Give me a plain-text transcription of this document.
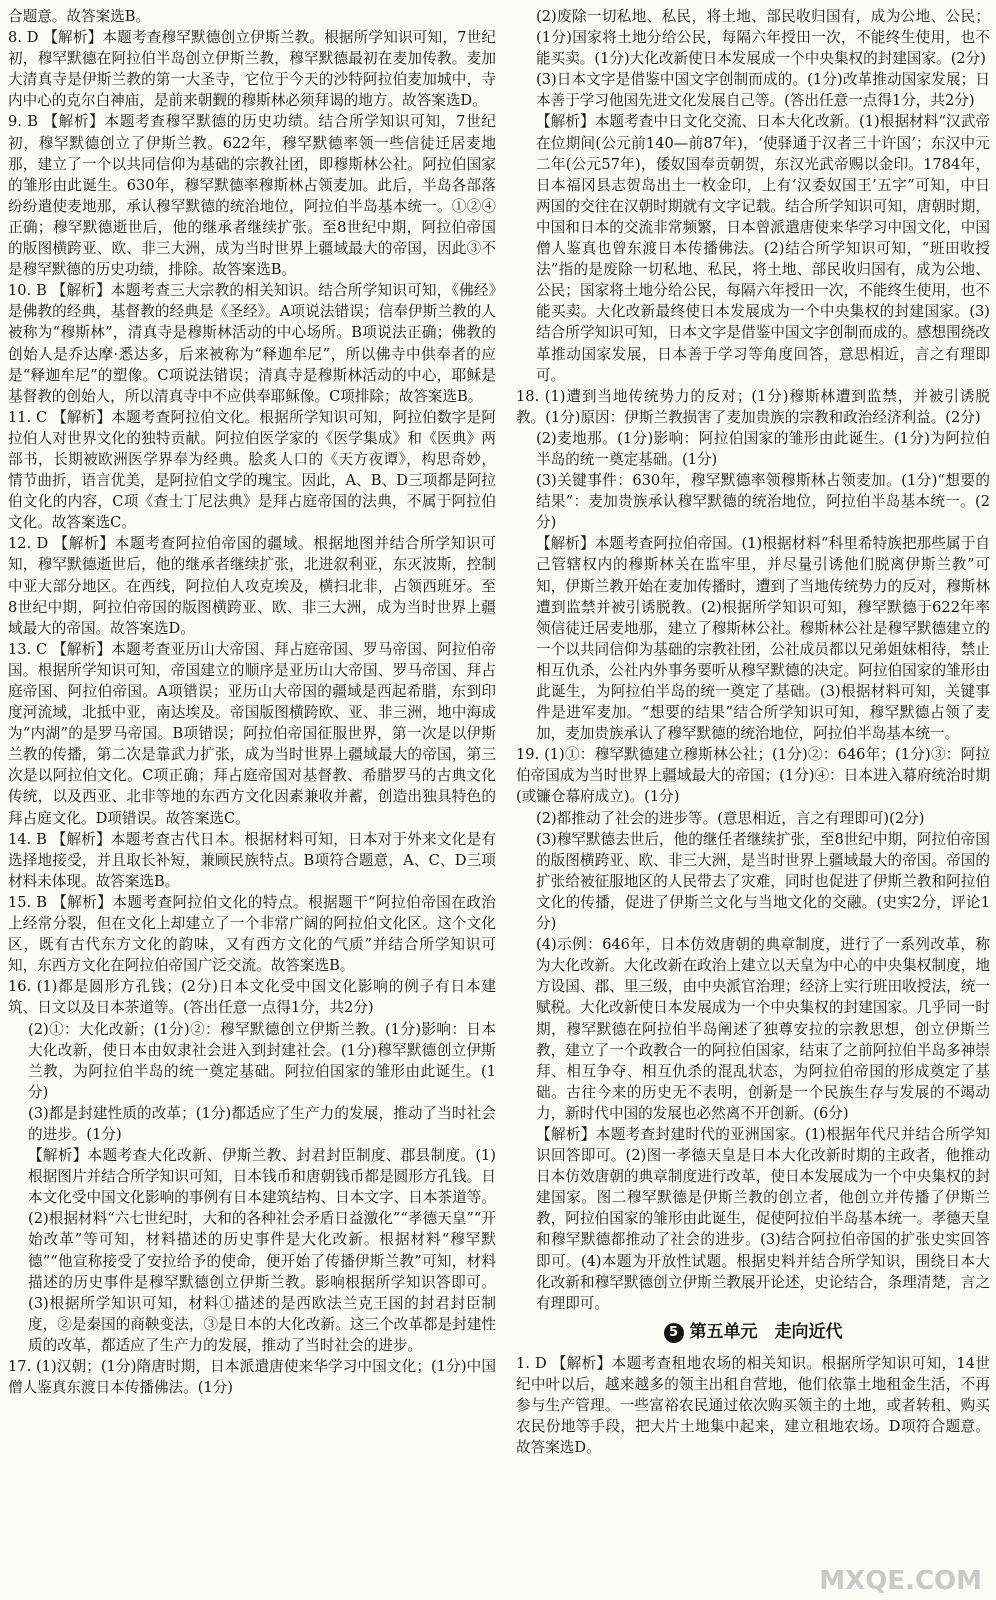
合题意。故答案选B。

8. D 【解析】本题考查穆罕默德创立伊斯兰教。根据所学知识可知，7世纪初，穆罕默德在阿拉伯半岛创立伊斯兰教，穆罕默德最初在麦加传教。麦加大清真寺是伊斯兰教的第一大圣寺，它位于今天的沙特阿拉伯麦加城中，寺内中心的克尔白神庙，是前来朝觐的穆斯林必须拜谒的地方。故答案选D。

9. B 【解析】本题考查穆罕默德的历史功绩。结合所学知识可知，7世纪初，穆罕默德创立了伊斯兰教。622年，穆罕默德率领一些信徒迁居麦地那，建立了一个以共同信仰为基础的宗教社团，即穆斯林公社。阿拉伯国家的雏形由此诞生。630年，穆罕默德率穆斯林占领麦加。此后，半岛各部落纷纷遣使麦地那，承认穆罕默德的统治地位，阿拉伯半岛基本统一。①②④正确；穆罕默德逝世后，他的继承者继续扩张。至8世纪中期，阿拉伯帝国的版图横跨亚、欧、非三大洲，成为当时世界上疆域最大的帝国，因此③不是穆罕默德的历史功绩，排除。故答案选B。

10. B 【解析】本题考查三大宗教的相关知识。结合所学知识可知，《佛经》是佛教的经典，基督教的经典是《圣经》。A项说法错误；信奉伊斯兰教的人被称为“穆斯林”，清真寺是穆斯林活动的中心场所。B项说法正确；佛教的创始人是乔达摩·悉达多，后来被称为“释迦牟尼”，所以佛寺中供奉者的应是“释迦牟尼”的塑像。C项说法错误；清真寺是穆斯林活动的中心，耶稣是基督教的创始人，所以清真寺中不应供奉耶稣像。C项排除；故答案选B。

11. C 【解析】本题考查阿拉伯文化。根据所学知识可知，阿拉伯数字是阿拉伯人对世界文化的独特贡献。阿拉伯医学家的《医学集成》和《医典》两部书，长期被欧洲医学界奉为经典。脍炙人口的《天方夜谭》，构思奇妙，情节曲折，语言优美，是阿拉伯文学的瑰宝。因此，A、B、D三项都是阿拉伯文化的内容，C项《查士丁尼法典》是拜占庭帝国的法典，不属于阿拉伯文化。故答案选C。

12. D 【解析】本题考查阿拉伯帝国的疆域。根据地图并结合所学知识可知，穆罕默德逝世后，他的继承者继续扩张，北进叙利亚，东灭波斯，控制中亚大部分地区。在西线，阿拉伯人攻克埃及，横扫北非，占领西班牙。至8世纪中期，阿拉伯帝国的版图横跨亚、欧、非三大洲，成为当时世界上疆域最大的帝国。故答案选D。

13. C 【解析】本题考查亚历山大帝国、拜占庭帝国、罗马帝国、阿拉伯帝国。根据所学知识可知，帝国建立的顺序是亚历山大帝国、罗马帝国、拜占庭帝国、阿拉伯帝国。A项错误；亚历山大帝国的疆域是西起希腊，东到印度河流域，北抵中亚，南达埃及。帝国版图横跨欧、亚、非三洲，地中海成为“内湖”的是罗马帝国。B项错误；阿拉伯帝国征服世界，第一次是以伊斯兰教的传播，第二次是靠武力扩张，成为当时世界上疆域最大的帝国，第三次是以阿拉伯文化。C项正确；拜占庭帝国对基督教、希腊罗马的古典文化传统，以及西亚、北非等地的东西方文化因素兼收并蓄，创造出独具特色的拜占庭文化。D项错误。故答案选C。

14. B 【解析】本题考查古代日本。根据材料可知，日本对于外来文化是有选择地接受，并且取长补短，兼顾民族特点。B项符合题意，A、C、D三项材料未体现。故答案选B。

15. B 【解析】本题考查阿拉伯文化的特点。根据题干“阿拉伯帝国在政治上经常分裂，但在文化上却建立了一个非常广阔的阿拉伯文化区。这个文化区，既有古代东方文化的韵味，又有西方文化的气质”并结合所学知识可知，东西方文化在阿拉伯帝国广泛交流。故答案选B。

16. (1)都是圆形方孔钱；(2分)日本文化受中国文化影响的例子有日本建筑、日文以及日本茶道等。(答出任意一点得1分，共2分)

(2)①：大化改新；(1分)②：穆罕默德创立伊斯兰教。(1分)影响：日本大化改新，使日本由奴隶社会进入到封建社会。(1分)穆罕默德创立伊斯兰教，为阿拉伯半岛的统一奠定基础。阿拉伯国家的雏形由此诞生。(1分)

(3)都是封建性质的改革；(1分)都适应了生产力的发展，推动了当时社会的进步。(1分)

【解析】本题考查大化改新、伊斯兰教、封君封臣制度、郡县制度。(1)根据图片并结合所学知识可知，日本钱币和唐朝钱币都是圆形方孔钱。日本文化受中国文化影响的事例有日本建筑结构、日本文字、日本茶道等。(2)根据材料“六七世纪时，大和的各种社会矛盾日益激化”“孝德天皇”“开始改革”等可知，材料描述的历史事件是大化改新。根据材料“穆罕默德”“他宣称接受了安拉给予的使命，便开始了传播伊斯兰教”可知，材料描述的历史事件是穆罕默德创立伊斯兰教。影响根据所学知识答即可。(3)根据所学知识可知，材料①描述的是西欧法兰克王国的封君封臣制度，②是秦国的商鞅变法，③是日本的大化改新。这三个改革都是封建性质的改革，都适应了生产力的发展，推动了当时社会的进步。

17. (1)汉朝；(1分)隋唐时期，日本派遣唐使来华学习中国文化；(1分)中国僧人鉴真东渡日本传播佛法。(1分)

(2)废除一切私地、私民，将土地、部民收归国有，成为公地、公民；(1分)国家将土地分给公民，每隔六年授田一次，不能终生使用，也不能买卖。(1分)大化改新使日本发展成一个中央集权的封建国家。(2分)

(3)日本文字是借鉴中国文字创制而成的。(1分)改革推动国家发展；日本善于学习他国先进文化发展自己等。(答出任意一点得1分，共2分)

【解析】本题考查中日文化交流、日本大化改新。(1)根据材料“汉武帝在位期间(公元前140—前87年)，‘使驿通于汉者三十许国’；东汉中元二年(公元57年)，倭奴国奉贡朝贺，东汉光武帝赐以金印。1784年，日本福冈县志贺岛出土一枚金印，上有‘汉委奴国王’五字”可知，中日两国的交往在汉朝时期就有文字记载。结合所学知识可知，唐朝时期，中国和日本的交流非常频繁，日本曾派遣唐使来华学习中国文化，中国僧人鉴真也曾东渡日本传播佛法。(2)结合所学知识可知，“班田收授法”指的是废除一切私地、私民，将土地、部民收归国有，成为公地、公民；国家将土地分给公民，每隔六年授田一次，不能终生使用，也不能买卖。大化改新最终使日本发展成为一个中央集权的封建国家。(3)结合所学知识可知，日本文字是借鉴中国文字创制而成的。感想围绕改革推动国家发展，日本善于学习等角度回答，意思相近，言之有理即可。

18. (1)遭到当地传统势力的反对；(1分)穆斯林遭到监禁，并被引诱脱教。(1分)原因：伊斯兰教损害了麦加贵族的宗教和政治经济利益。(2分)

(2)麦地那。(1分)影响：阿拉伯国家的雏形由此诞生。(1分)为阿拉伯半岛的统一奠定基础。(1分)

(3)关键事件：630年，穆罕默德率领穆斯林占领麦加。(1分)“想要的结果”：麦加贵族承认穆罕默德的统治地位，阿拉伯半岛基本统一。(2分)

【解析】本题考查阿拉伯帝国。(1)根据材料“科里希特族把那些属于自己管辖权内的穆斯林关在监牢里，并尽量引诱他们脱离伊斯兰教”可知，伊斯兰教开始在麦加传播时，遭到了当地传统势力的反对，穆斯林遭到监禁并被引诱脱教。(2)根据所学知识可知，穆罕默德于622年率领信徒迁居麦地那，建立了穆斯林公社。穆斯林公社是穆罕默德建立的一个以共同信仰为基础的宗教社团，公社成员都以兄弟姐妹相待，禁止相互仇杀，公社内外事务要听从穆罕默德的决定。阿拉伯国家的雏形由此诞生，为阿拉伯半岛的统一奠定了基础。(3)根据材料可知，关键事件是进军麦加。“想要的结果”结合所学知识可知，穆罕默德占领了麦加，麦加贵族承认了穆罕默德的统治地位，阿拉伯半岛基本统一。

19. (1)①：穆罕默德建立穆斯林公社；(1分)②：646年；(1分)③：阿拉伯帝国成为当时世界上疆域最大的帝国；(1分)④：日本进入幕府统治时期(或镰仓幕府成立)。(1分)

(2)都推动了社会的进步等。(意思相近，言之有理即可)(2分)

(3)穆罕默德去世后，他的继任者继续扩张，至8世纪中期，阿拉伯帝国的版图横跨亚、欧、非三大洲，是当时世界上疆域最大的帝国。帝国的扩张给被征服地区的人民带去了灾难，同时也促进了伊斯兰教和阿拉伯文化的传播，促进了伊斯兰文化与当地文化的交融。(史实2分，评论1分)

(4)示例：646年，日本仿效唐朝的典章制度，进行了一系列改革，称为大化改新。大化改新在政治上建立以天皇为中心的中央集权制度，地方设国、郡、里三级，由中央派官治理；经济上实行班田收授法，统一赋税。大化改新使日本发展成为一个中央集权的封建国家。几乎同一时期，穆罕默德在阿拉伯半岛阐述了独尊安拉的宗教思想，创立伊斯兰教，建立了一个政教合一的阿拉伯国家，结束了之前阿拉伯半岛多神崇拜、相互争夺、相互仇杀的混乱状态，为阿拉伯帝国的形成奠定了基础。古往今来的历史无不表明，创新是一个民族生存与发展的不竭动力，新时代中国的发展也必然离不开创新。(6分)

【解析】本题考查封建时代的亚洲国家。(1)根据年代尺并结合所学知识回答即可。(2)图一孝德天皇是日本大化改新时期的主政者，他推动日本仿效唐朝的典章制度进行改革，使日本发展成为一个中央集权的封建国家。图二穆罕默德是伊斯兰教的创立者，他创立并传播了伊斯兰教，阿拉伯国家的雏形由此诞生，促使阿拉伯半岛基本统一。孝德天皇和穆罕默德都推动了社会的进步。(3)结合阿拉伯帝国的扩张史实回答即可。(4)本题为开放性试题。根据史料并结合所学知识，围绕日本大化改新和穆罕默德创立伊斯兰教展开论述，史论结合，条理清楚，言之有理即可。

5 第五单元　走向近代

1. D 【解析】本题考查租地农场的相关知识。根据所学知识可知，14世纪中叶以后，越来越多的领主出租自营地，他们依靠土地租金生活，不再参与生产管理。一些富裕农民通过依次购买领主的土地，或者转租、购买农民份地等手段，把大片土地集中起来，建立租地农场。D项符合题意。故答案选D。

MXQE.COM
